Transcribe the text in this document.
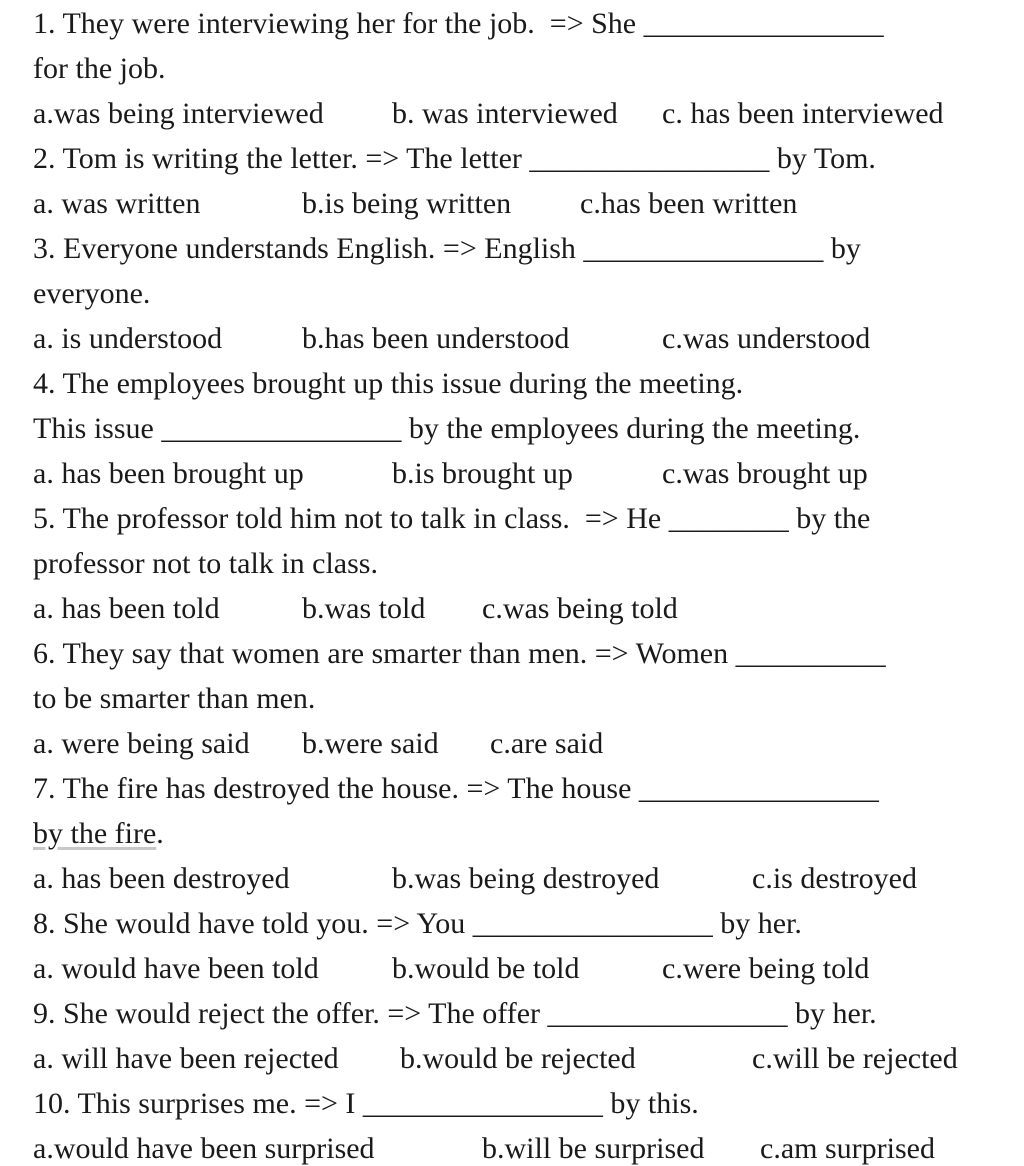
1. They were interviewing her for the job.  => She ________________
for the job.
a.was being interviewed b. was interviewed c. has been interviewed
2. Tom is writing the letter. => The letter ________________ by Tom.
a. was written	b.is being written c.has been written
3. Everyone understands English. => English ________________ by
everyone.
a. is understood	b.has been understood	c.was understood
4. The employees brought up this issue during the meeting.
This issue ________________ by the employees during the meeting.
a. has been brought up	b.is brought up	c.was brought up
5. The professor told him not to talk in class.  => He ________ by the
professor not to talk in class.
a. has been told	b.was told c.was being told
6. They say that women are smarter than men. => Women __________
to be smarter than men.
a. were being said b.were said c.are said
7. The fire has destroyed the house. => The house ________________
by the fire.
a. has been destroyed	b.was being destroyed	c.is destroyed
8. She would have told you. => You ________________ by her.
a. would have been told b.would be told	c.were being told
9. She would reject the offer. => The offer ________________ by her.
a. will have been rejected b.would be rejected	c.will be rejected
10. This surprises me. => I ________________ by this.
a.would have been surprised	b.will be surprised c.am surprised
